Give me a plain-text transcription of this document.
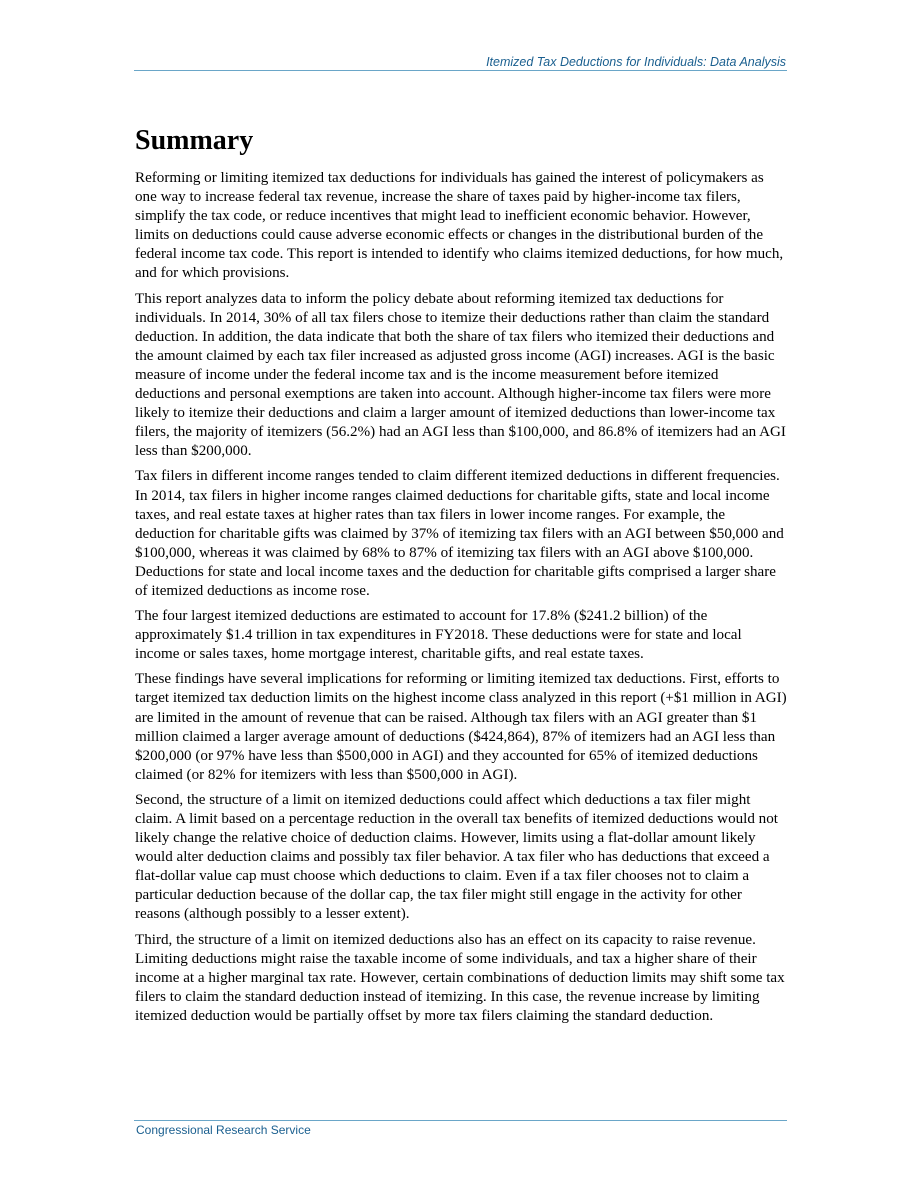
Itemized Tax Deductions for Individuals: Data Analysis
Summary

Reforming or limiting itemized tax deductions for individuals has gained the interest of policymakers as one way to increase federal tax revenue, increase the share of taxes paid by higher-income tax filers, simplify the tax code, or reduce incentives that might lead to inefficient economic behavior. However, limits on deductions could cause adverse economic effects or changes in the distributional burden of the federal income tax code. This report is intended to identify who claims itemized deductions, for how much, and for which provisions.

This report analyzes data to inform the policy debate about reforming itemized tax deductions for individuals. In 2014, 30% of all tax filers chose to itemize their deductions rather than claim the standard deduction. In addition, the data indicate that both the share of tax filers who itemized their deductions and the amount claimed by each tax filer increased as adjusted gross income (AGI) increases. AGI is the basic measure of income under the federal income tax and is the income measurement before itemized deductions and personal exemptions are taken into account. Although higher-income tax filers were more likely to itemize their deductions and claim a larger amount of itemized deductions than lower-income tax filers, the majority of itemizers (56.2%) had an AGI less than $100,000, and 86.8% of itemizers had an AGI less than $200,000.

Tax filers in different income ranges tended to claim different itemized deductions in different frequencies. In 2014, tax filers in higher income ranges claimed deductions for charitable gifts, state and local income taxes, and real estate taxes at higher rates than tax filers in lower income ranges. For example, the deduction for charitable gifts was claimed by 37% of itemizing tax filers with an AGI between $50,000 and $100,000, whereas it was claimed by 68% to 87% of itemizing tax filers with an AGI above $100,000. Deductions for state and local income taxes and the deduction for charitable gifts comprised a larger share of itemized deductions as income rose.

The four largest itemized deductions are estimated to account for 17.8% ($241.2 billion) of the approximately $1.4 trillion in tax expenditures in FY2018. These deductions were for state and local income or sales taxes, home mortgage interest, charitable gifts, and real estate taxes.

These findings have several implications for reforming or limiting itemized tax deductions. First, efforts to target itemized tax deduction limits on the highest income class analyzed in this report (+$1 million in AGI) are limited in the amount of revenue that can be raised. Although tax filers with an AGI greater than $1 million claimed a larger average amount of deductions ($424,864), 87% of itemizers had an AGI less than $200,000 (or 97% have less than $500,000 in AGI) and they accounted for 65% of itemized deductions claimed (or 82% for itemizers with less than $500,000 in AGI).

Second, the structure of a limit on itemized deductions could affect which deductions a tax filer might claim. A limit based on a percentage reduction in the overall tax benefits of itemized deductions would not likely change the relative choice of deduction claims. However, limits using a flat-dollar amount likely would alter deduction claims and possibly tax filer behavior. A tax filer who has deductions that exceed a flat-dollar value cap must choose which deductions to claim. Even if a tax filer chooses not to claim a particular deduction because of the dollar cap, the tax filer might still engage in the activity for other reasons (although possibly to a lesser extent).

Third, the structure of a limit on itemized deductions also has an effect on its capacity to raise revenue. Limiting deductions might raise the taxable income of some individuals, and tax a higher share of their income at a higher marginal tax rate. However, certain combinations of deduction limits may shift some tax filers to claim the standard deduction instead of itemizing. In this case, the revenue increase by limiting itemized deduction would be partially offset by more tax filers claiming the standard deduction.

Congressional Research Service
